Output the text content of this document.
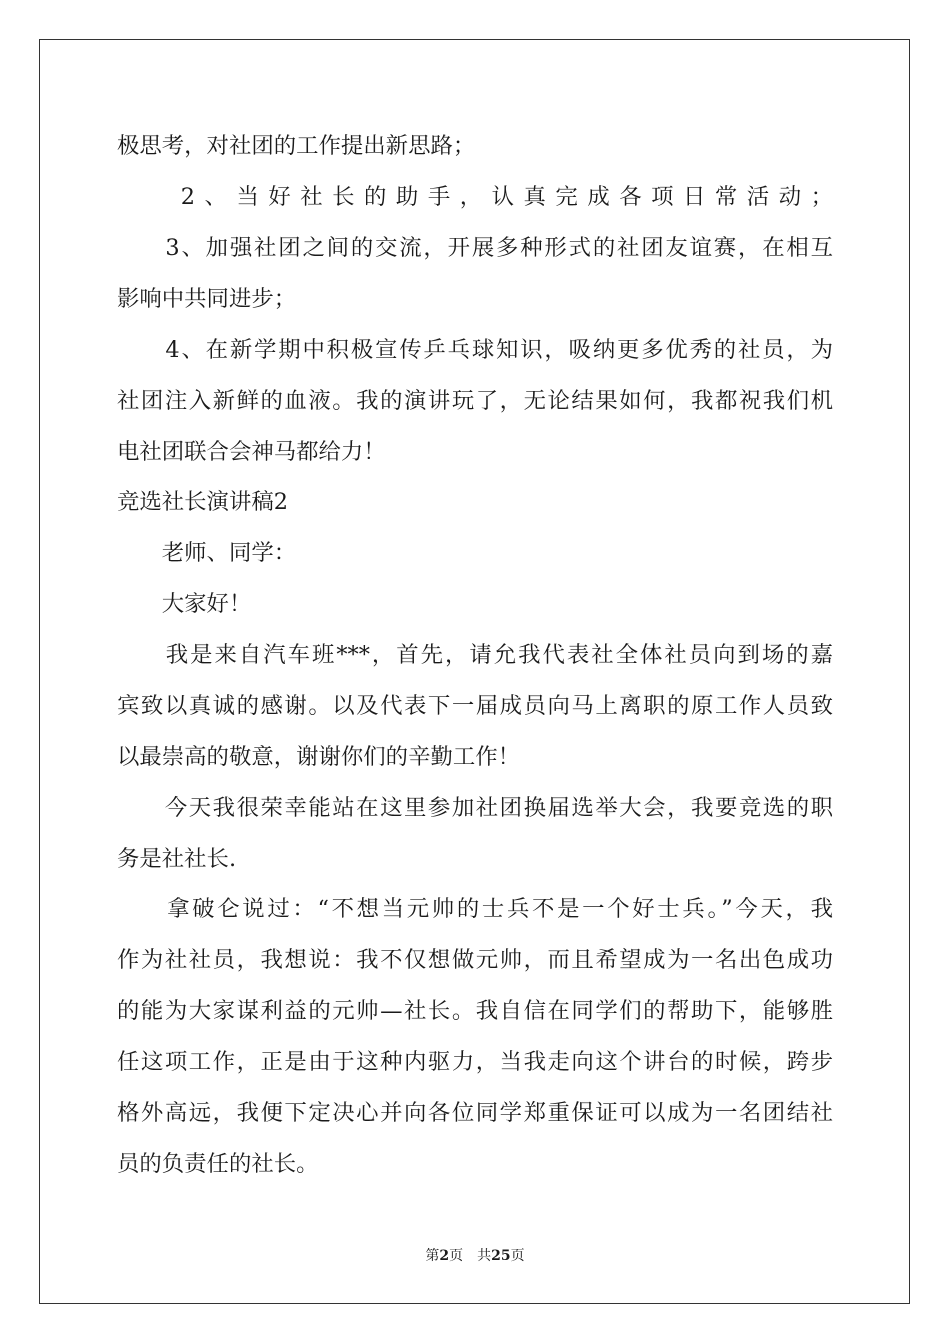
极思考，对社团的工作提出新思路；
　　2、当好社长的助手，认真完成各项日常活动；
　　3、加强社团之间的交流，开展多种形式的社团友谊赛，在相互
影响中共同进步；
　　4、在新学期中积极宣传乒乓球知识，吸纳更多优秀的社员，为
社团注入新鲜的血液。我的演讲玩了，无论结果如何，我都祝我们机
电社团联合会神马都给力！
竞选社长演讲稿2
　　老师、同学：
　　大家好！
　　我是来自汽车班***，首先，请允我代表社全体社员向到场的嘉
宾致以真诚的感谢。以及代表下一届成员向马上离职的原工作人员致
以最崇高的敬意，谢谢你们的辛勤工作！
　　今天我很荣幸能站在这里参加社团换届选举大会，我要竞选的职
务是社社长.
　　拿破仑说过：“不想当元帅的士兵不是一个好士兵。”今天，我
作为社社员，我想说：我不仅想做元帅，而且希望成为一名出色成功
的能为大家谋利益的元帅—社长。我自信在同学们的帮助下，能够胜
任这项工作，正是由于这种内驱力，当我走向这个讲台的时候，跨步
格外高远，我便下定决心并向各位同学郑重保证可以成为一名团结社
员的负责任的社长。
第2页　共25页
